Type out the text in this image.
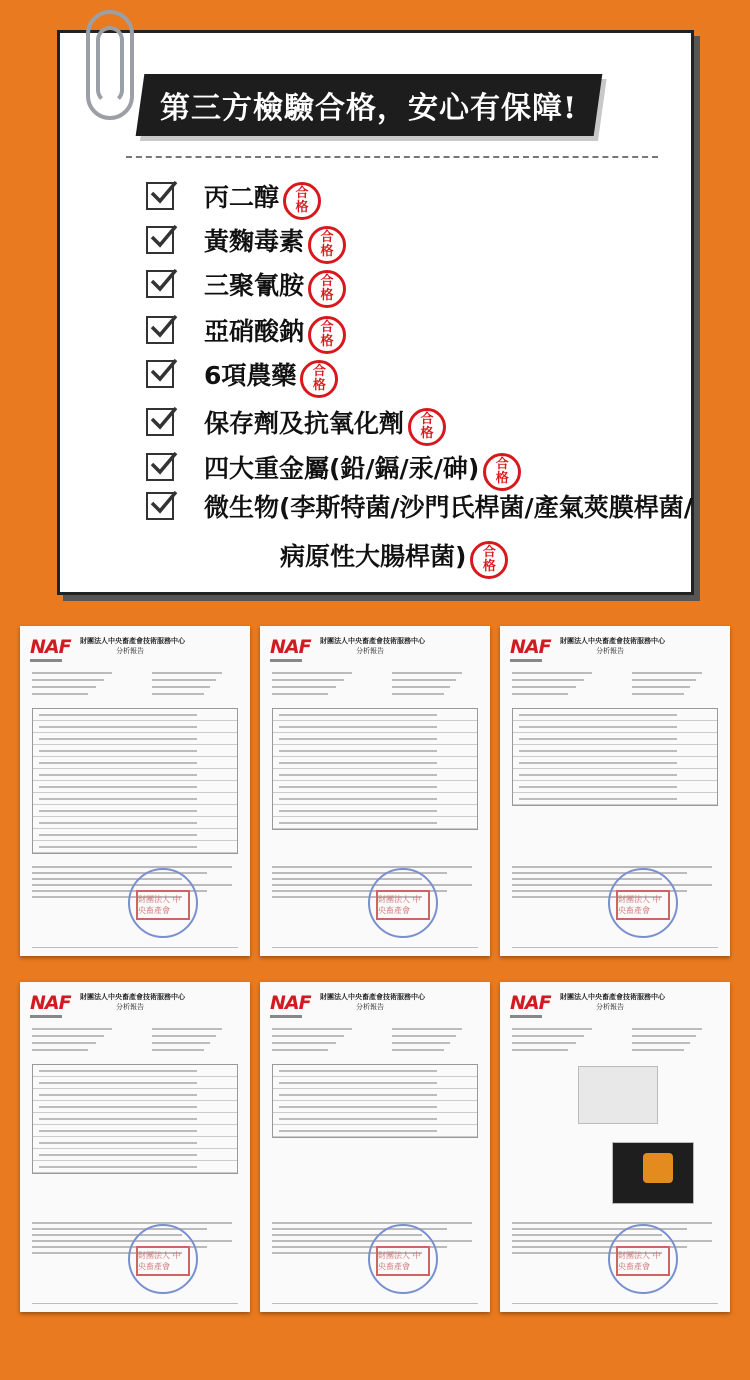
第三方檢驗合格，安心有保障!
丙二醇 合
格
黃麴毒素 合
格
三聚氰胺 合
格
亞硝酸鈉 合
格
6項農藥 合
格
保存劑及抗氧化劑 合
格
四大重金屬(鉛/鎘/汞/砷) 合
格
微生物(李斯特菌/沙門氏桿菌/產氣莢膜桿菌/
病原性大腸桿菌) 合
格
NAF 財團法人中央畜產會技術服務中心
分析報告
財團法人 中央畜產會
NAF 財團法人中央畜產會技術服務中心
分析報告
財團法人 中央畜產會
NAF 財團法人中央畜產會技術服務中心
分析報告
財團法人 中央畜產會
NAF 財團法人中央畜產會技術服務中心
分析報告
財團法人 中央畜產會
NAF 財團法人中央畜產會技術服務中心
分析報告
財團法人 中央畜產會
NAF 財團法人中央畜產會技術服務中心
分析報告
財團法人 中央畜產會
